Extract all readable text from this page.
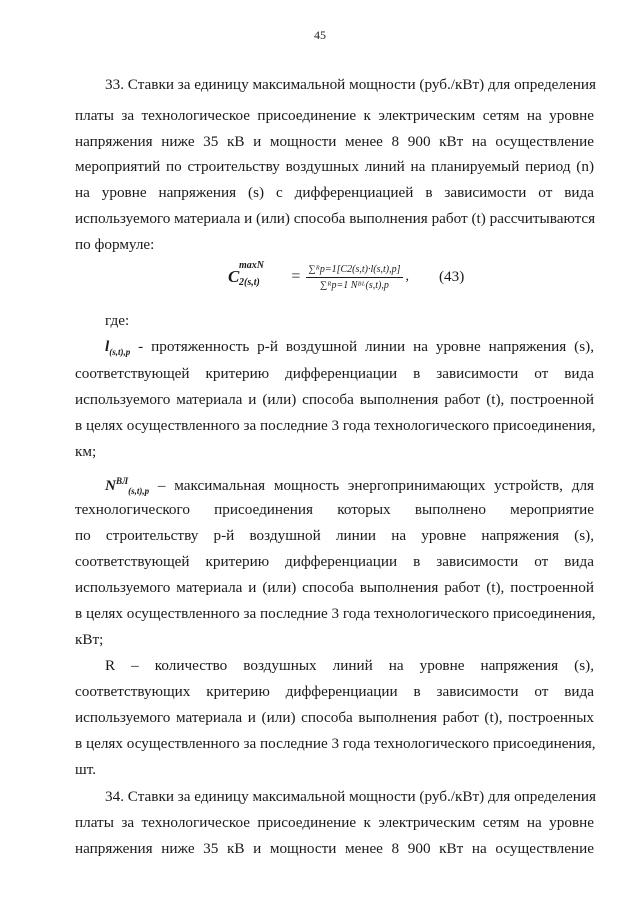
45
33. Ставки за единицу максимальной мощности (руб./кВт) для определения
платы за технологическое присоединение к электрическим сетям на уровне
напряжения ниже 35 кВ и мощности менее 8 900 кВт на осуществление
мероприятий по строительству воздушных линий на планируемый период (n)
на уровне напряжения (s) с дифференциацией в зависимости от вида
используемого материала и (или) способа выполнения работ (t) рассчитываются
по формуле:
C
maxN
$2(s,t) = \frac{\text{∑ᴿp=1[C2(s,t)·l(s,t),p]}}{\text{∑ᴿp=1 Nᴮᴸ(s,t),p}}$ , (43)
где:
$l_{(s,t),p}$ - протяженность p-й воздушной линии на уровне напряжения (s),
соответствующей критерию дифференциации в зависимости от вида
используемого материала и (или) способа выполнения работ (t), построенной
в целях осуществленного за последние 3 года технологического присоединения,
км;
$N^{ВЛ}_{(s,t),p}$ – максимальная мощность энергопринимающих устройств, для
технологического присоединения которых выполнено мероприятие
по строительству p-й воздушной линии на уровне напряжения (s),
соответствующей критерию дифференциации в зависимости от вида
используемого материала и (или) способа выполнения работ (t), построенной
в целях осуществленного за последние 3 года технологического присоединения,
кВт;
R – количество воздушных линий на уровне напряжения (s),
соответствующих критерию дифференциации в зависимости от вида
используемого материала и (или) способа выполнения работ (t), построенных
в целях осуществленного за последние 3 года технологического присоединения,
шт.
34. Ставки за единицу максимальной мощности (руб./кВт) для определения
платы за технологическое присоединение к электрическим сетям на уровне
напряжения ниже 35 кВ и мощности менее 8 900 кВт на осуществление
